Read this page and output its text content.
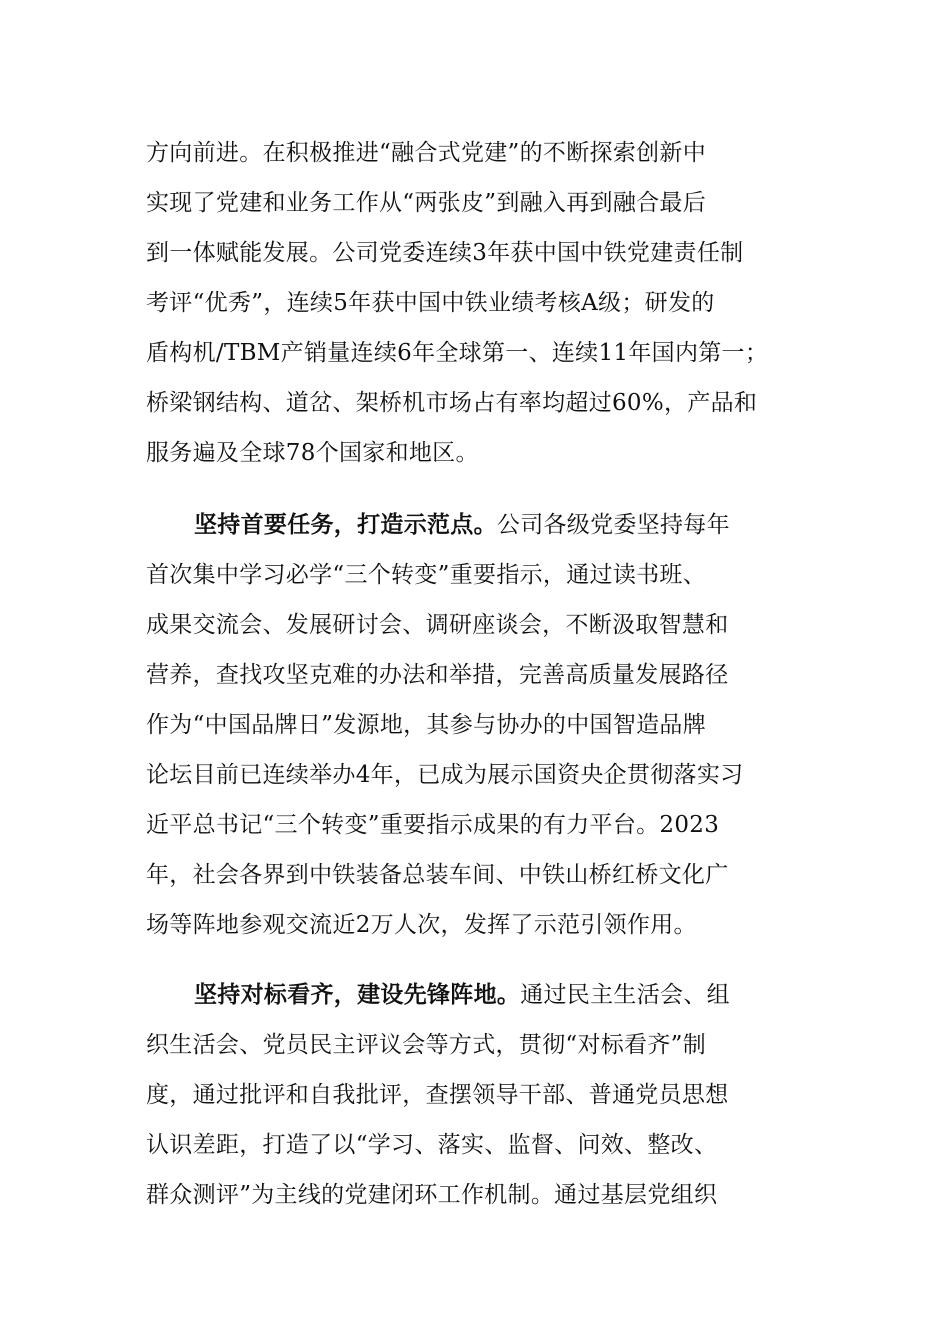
方向前进。在积极推进“融合式党建”的不断探索创新中
实现了党建和业务工作从“两张皮”到融入再到融合最后
到一体赋能发展。公司党委连续3年获中国中铁党建责任制
考评“优秀”，连续5年获中国中铁业绩考核A级；研发的
盾构机/TBM产销量连续6年全球第一、连续11年国内第一；
桥梁钢结构、道岔、架桥机市场占有率均超过60%，产品和
服务遍及全球78个国家和地区。
坚持首要任务，打造示范点。公司各级党委坚持每年
首次集中学习必学“三个转变”重要指示，通过读书班、
成果交流会、发展研讨会、调研座谈会，不断汲取智慧和
营养，查找攻坚克难的办法和举措，完善高质量发展路径
作为“中国品牌日”发源地，其参与协办的中国智造品牌
论坛目前已连续举办4年，已成为展示国资央企贯彻落实习
近平总书记“三个转变”重要指示成果的有力平台。2023
年，社会各界到中铁装备总装车间、中铁山桥红桥文化广
场等阵地参观交流近2万人次，发挥了示范引领作用。
坚持对标看齐，建设先锋阵地。通过民主生活会、组
织生活会、党员民主评议会等方式，贯彻“对标看齐”制
度，通过批评和自我批评，查摆领导干部、普通党员思想
认识差距，打造了以“学习、落实、监督、问效、整改、
群众测评”为主线的党建闭环工作机制。通过基层党组织
